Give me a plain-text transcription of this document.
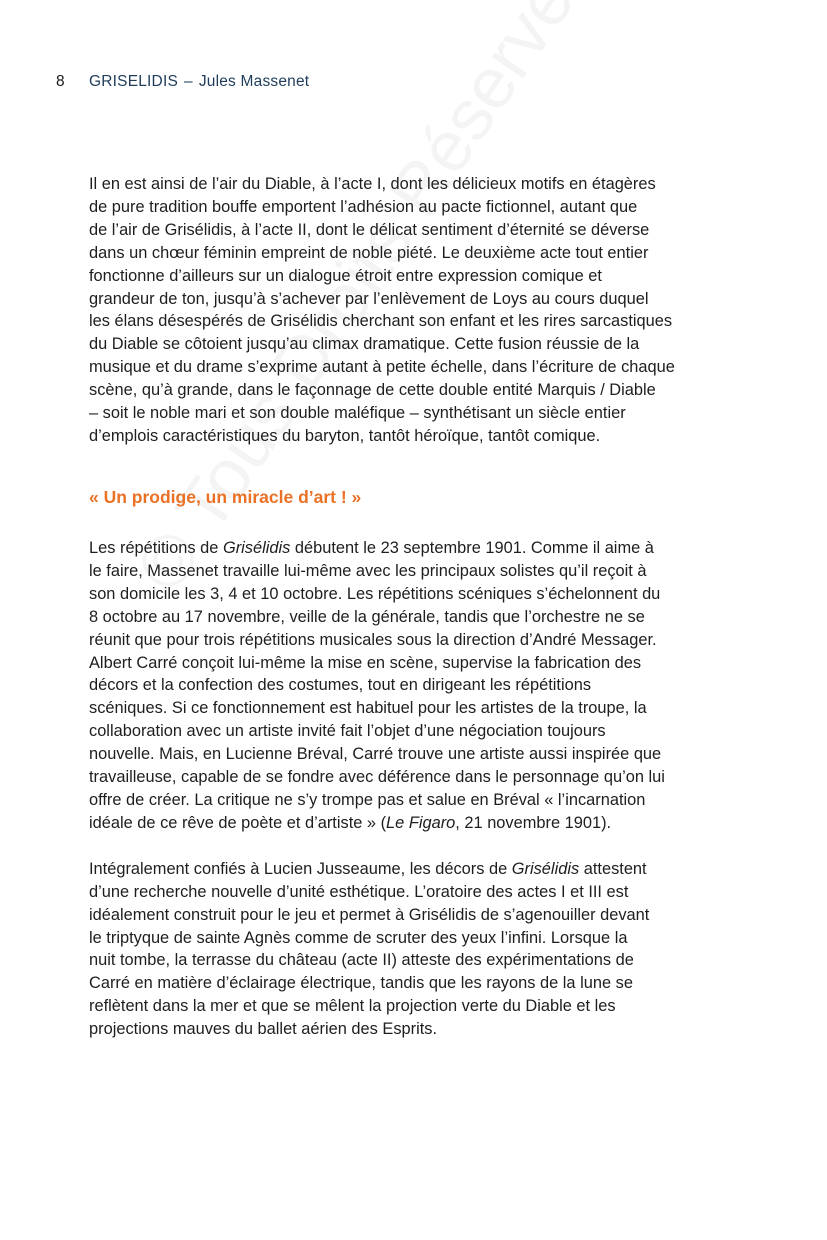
8 GRISELIDIS – Jules Massenet

Il en est ainsi de l’air du Diable, à l’acte I, dont les délicieux motifs en étagères
de pure tradition bouffe emportent l’adhésion au pacte fictionnel, autant que
de l’air de Grisélidis, à l’acte II, dont le délicat sentiment d’éternité se déverse
dans un chœur féminin empreint de noble piété. Le deuxième acte tout entier
fonctionne d’ailleurs sur un dialogue étroit entre expression comique et
grandeur de ton, jusqu’à s’achever par l’enlèvement de Loys au cours duquel
les élans désespérés de Grisélidis cherchant son enfant et les rires sarcastiques
du Diable se côtoient jusqu’au climax dramatique. Cette fusion réussie de la
musique et du drame s’exprime autant à petite échelle, dans l’écriture de chaque
scène, qu’à grande, dans le façonnage de cette double entité Marquis / Diable
– soit le noble mari et son double maléfique – synthétisant un siècle entier
d’emplois caractéristiques du baryton, tantôt héroïque, tantôt comique.

« Un prodige, un miracle d’art ! »

Les répétitions de Grisélidis débutent le 23 septembre 1901. Comme il aime à
le faire, Massenet travaille lui-même avec les principaux solistes qu’il reçoit à
son domicile les 3, 4 et 10 octobre. Les répétitions scéniques s’échelonnent du
8 octobre au 17 novembre, veille de la générale, tandis que l’orchestre ne se
réunit que pour trois répétitions musicales sous la direction d’André Messager.
Albert Carré conçoit lui-même la mise en scène, supervise la fabrication des
décors et la confection des costumes, tout en dirigeant les répétitions
scéniques. Si ce fonctionnement est habituel pour les artistes de la troupe, la
collaboration avec un artiste invité fait l’objet d’une négociation toujours
nouvelle. Mais, en Lucienne Bréval, Carré trouve une artiste aussi inspirée que
travailleuse, capable de se fondre avec déférence dans le personnage qu’on lui
offre de créer. La critique ne s’y trompe pas et salue en Bréval « l’incarnation
idéale de ce rêve de poète et d’artiste » (Le Figaro, 21 novembre 1901).

Intégralement confiés à Lucien Jusseaume, les décors de Grisélidis attestent
d’une recherche nouvelle d’unité esthétique. L’oratoire des actes I et III est
idéalement construit pour le jeu et permet à Grisélidis de s’agenouiller devant
le triptyque de sainte Agnès comme de scruter des yeux l’infini. Lorsque la
nuit tombe, la terrasse du château (acte II) atteste des expérimentations de
Carré en matière d’éclairage électrique, tandis que les rayons de la lune se
reflètent dans la mer et que se mêlent la projection verte du Diable et les
projections mauves du ballet aérien des Esprits.
